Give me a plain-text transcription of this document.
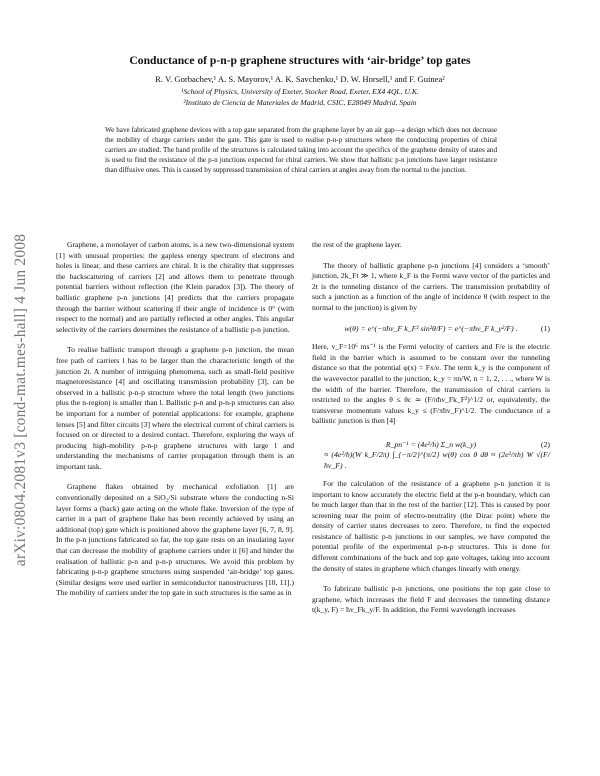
arXiv:0804.2081v3 [cond-mat.mes-hall] 4 Jun 2008
Conductance of p-n-p graphene structures with ‘air-bridge’ top gates
R. V. Gorbachev,¹ A. S. Mayorov,¹ A. K. Savchenko,¹ D. W. Horsell,¹ and F. Guinea²
¹School of Physics, University of Exeter, Stocker Road, Exeter, EX4 4QL, U.K.
²Instituto de Ciencia de Materiales de Madrid, CSIC, E28049 Madrid, Spain
We have fabricated graphene devices with a top gate separated from the graphene layer by an air gap—a design which does not decrease the mobility of charge carriers under the gate. This gate is used to realise p-n-p structures where the conducting properties of chiral carriers are studied. The band profile of the structures is calculated taking into account the specifics of the graphene density of states and is used to find the resistance of the p-n junctions expected for chiral carriers. We show that ballistic p-n junctions have larger resistance than diffusive ones. This is caused by suppressed transmission of chiral carriers at angles away from the normal to the junction.

Graphene, a monolayer of carbon atoms, is a new two-dimensional system [1] with unusual properties: the gapless energy spectrum of electrons and holes is linear, and these carriers are chiral. It is the chirality that suppresses the backscattering of carriers [2] and allows them to penetrate through potential barriers without reflection (the Klein paradox [3]). The theory of ballistic graphene p-n junctions [4] predicts that the carriers propagate through the barrier without scattering if their angle of incidence is 0° (with respect to the normal) and are partially reflected at other angles. This angular selectivity of the carriers determines the resistance of a ballistic p-n junction.

To realise ballistic transport through a graphene p-n junction, the mean free path of carriers l has to be larger than the characteristic length of the junction 2t. A number of intriguing phenomena, such as small-field positive magnetoresistance [4] and oscillating transmission probability [3], can be observed in a ballistic p-n-p structure where the total length (two junctions plus the n-region) is smaller than l. Ballistic p-n and p-n-p structures can also be important for a number of potential applications: for example, graphene lenses [5] and filter circuits [3] where the electrical current of chiral carriers is focused on or directed to a desired contact. Therefore, exploring the ways of producing high-mobility p-n-p graphene structures with large l and understanding the mechanisms of carrier propagation through them is an important task.

Graphene flakes obtained by mechanical exfoliation [1] are conventionally deposited on a SiO₂/Si substrate where the conducting n-Si layer forms a (back) gate acting on the whole flake. Inversion of the type of carrier in a part of graphene flake has been recently achieved by using an additional (top) gate which is positioned above the graphene layer [6, 7, 8, 9]. In the p-n junctions fabricated so far, the top gate rests on an insulating layer that can decrease the mobility of graphene carriers under it [6] and hinder the realisation of ballistic p-n and p-n-p structures. We avoid this problem by fabricating p-n-p graphene structures using suspended ‘air-bridge’ top gates. (Similar designs were used earlier in semiconductor nanostructures [10, 11].) The mobility of carriers under the top gate in such structures is the same as in

the rest of the graphene layer.

The theory of ballistic graphene p-n junctions [4] considers a ‘smooth’ junction, 2k_Ft ≫ 1, where k_F is the Fermi wave vector of the particles and 2t is the tunneling distance of the carriers. The transmission probability of such a junction as a function of the angle of incidence θ (with respect to the normal to the junction) is given by

w(θ) = e^(−πħv_F k_F² sin²θ/F) = e^(−πħv_F k_y²/F) .	(1)

Here, v_F=10⁶ ms⁻¹ is the Fermi velocity of carriers and F/e is the electric field in the barrier which is assumed to be constant over the tunneling distance so that the potential φ(x) = Fx/e. The term k_y is the component of the wavevector parallel to the junction, k_y = πn/W, n = 1, 2, . . ., where W is the width of the barrier. Therefore, the transmission of chiral carriers is restricted to the angles θ ≤ θc ≃ (F/πħv_Fk_F²)^1/2 or, equivalently, the transverse momentum values k_y ≤ (F/πħv_F)^1/2. The conductance of a ballistic junction is then [4]

R_pn⁻¹ = (4e²/h) Σ_n w(k_y)	(2)
≈ (4e²/h)(W k_F/2π) ∫_{−π/2}^{π/2} w(θ) cos θ dθ ≈ (2e²/πh) W √(F/ħv_F) .

For the calculation of the resistance of a graphene p-n junction it is important to know accurately the electric field at the p-n boundary, which can be much larger than that in the rest of the barrier [12]. This is caused by poor screening near the point of electro-neutrality (the Dirac point) where the density of carrier states decreases to zero. Therefore, to find the expected resistance of ballistic p-n junctions in our samples, we have computed the potential profile of the experimental p-n-p structures. This is done for different combinations of the back and top gate voltages, taking into account the density of states in graphene which changes linearly with energy.

To fabricate ballistic p-n junctions, one positions the top gate close to graphene, which increases the field F and decreases the tunneling distance t(k_y, F) = ħv_Fk_y/F. In addition, the Fermi wavelength increases
